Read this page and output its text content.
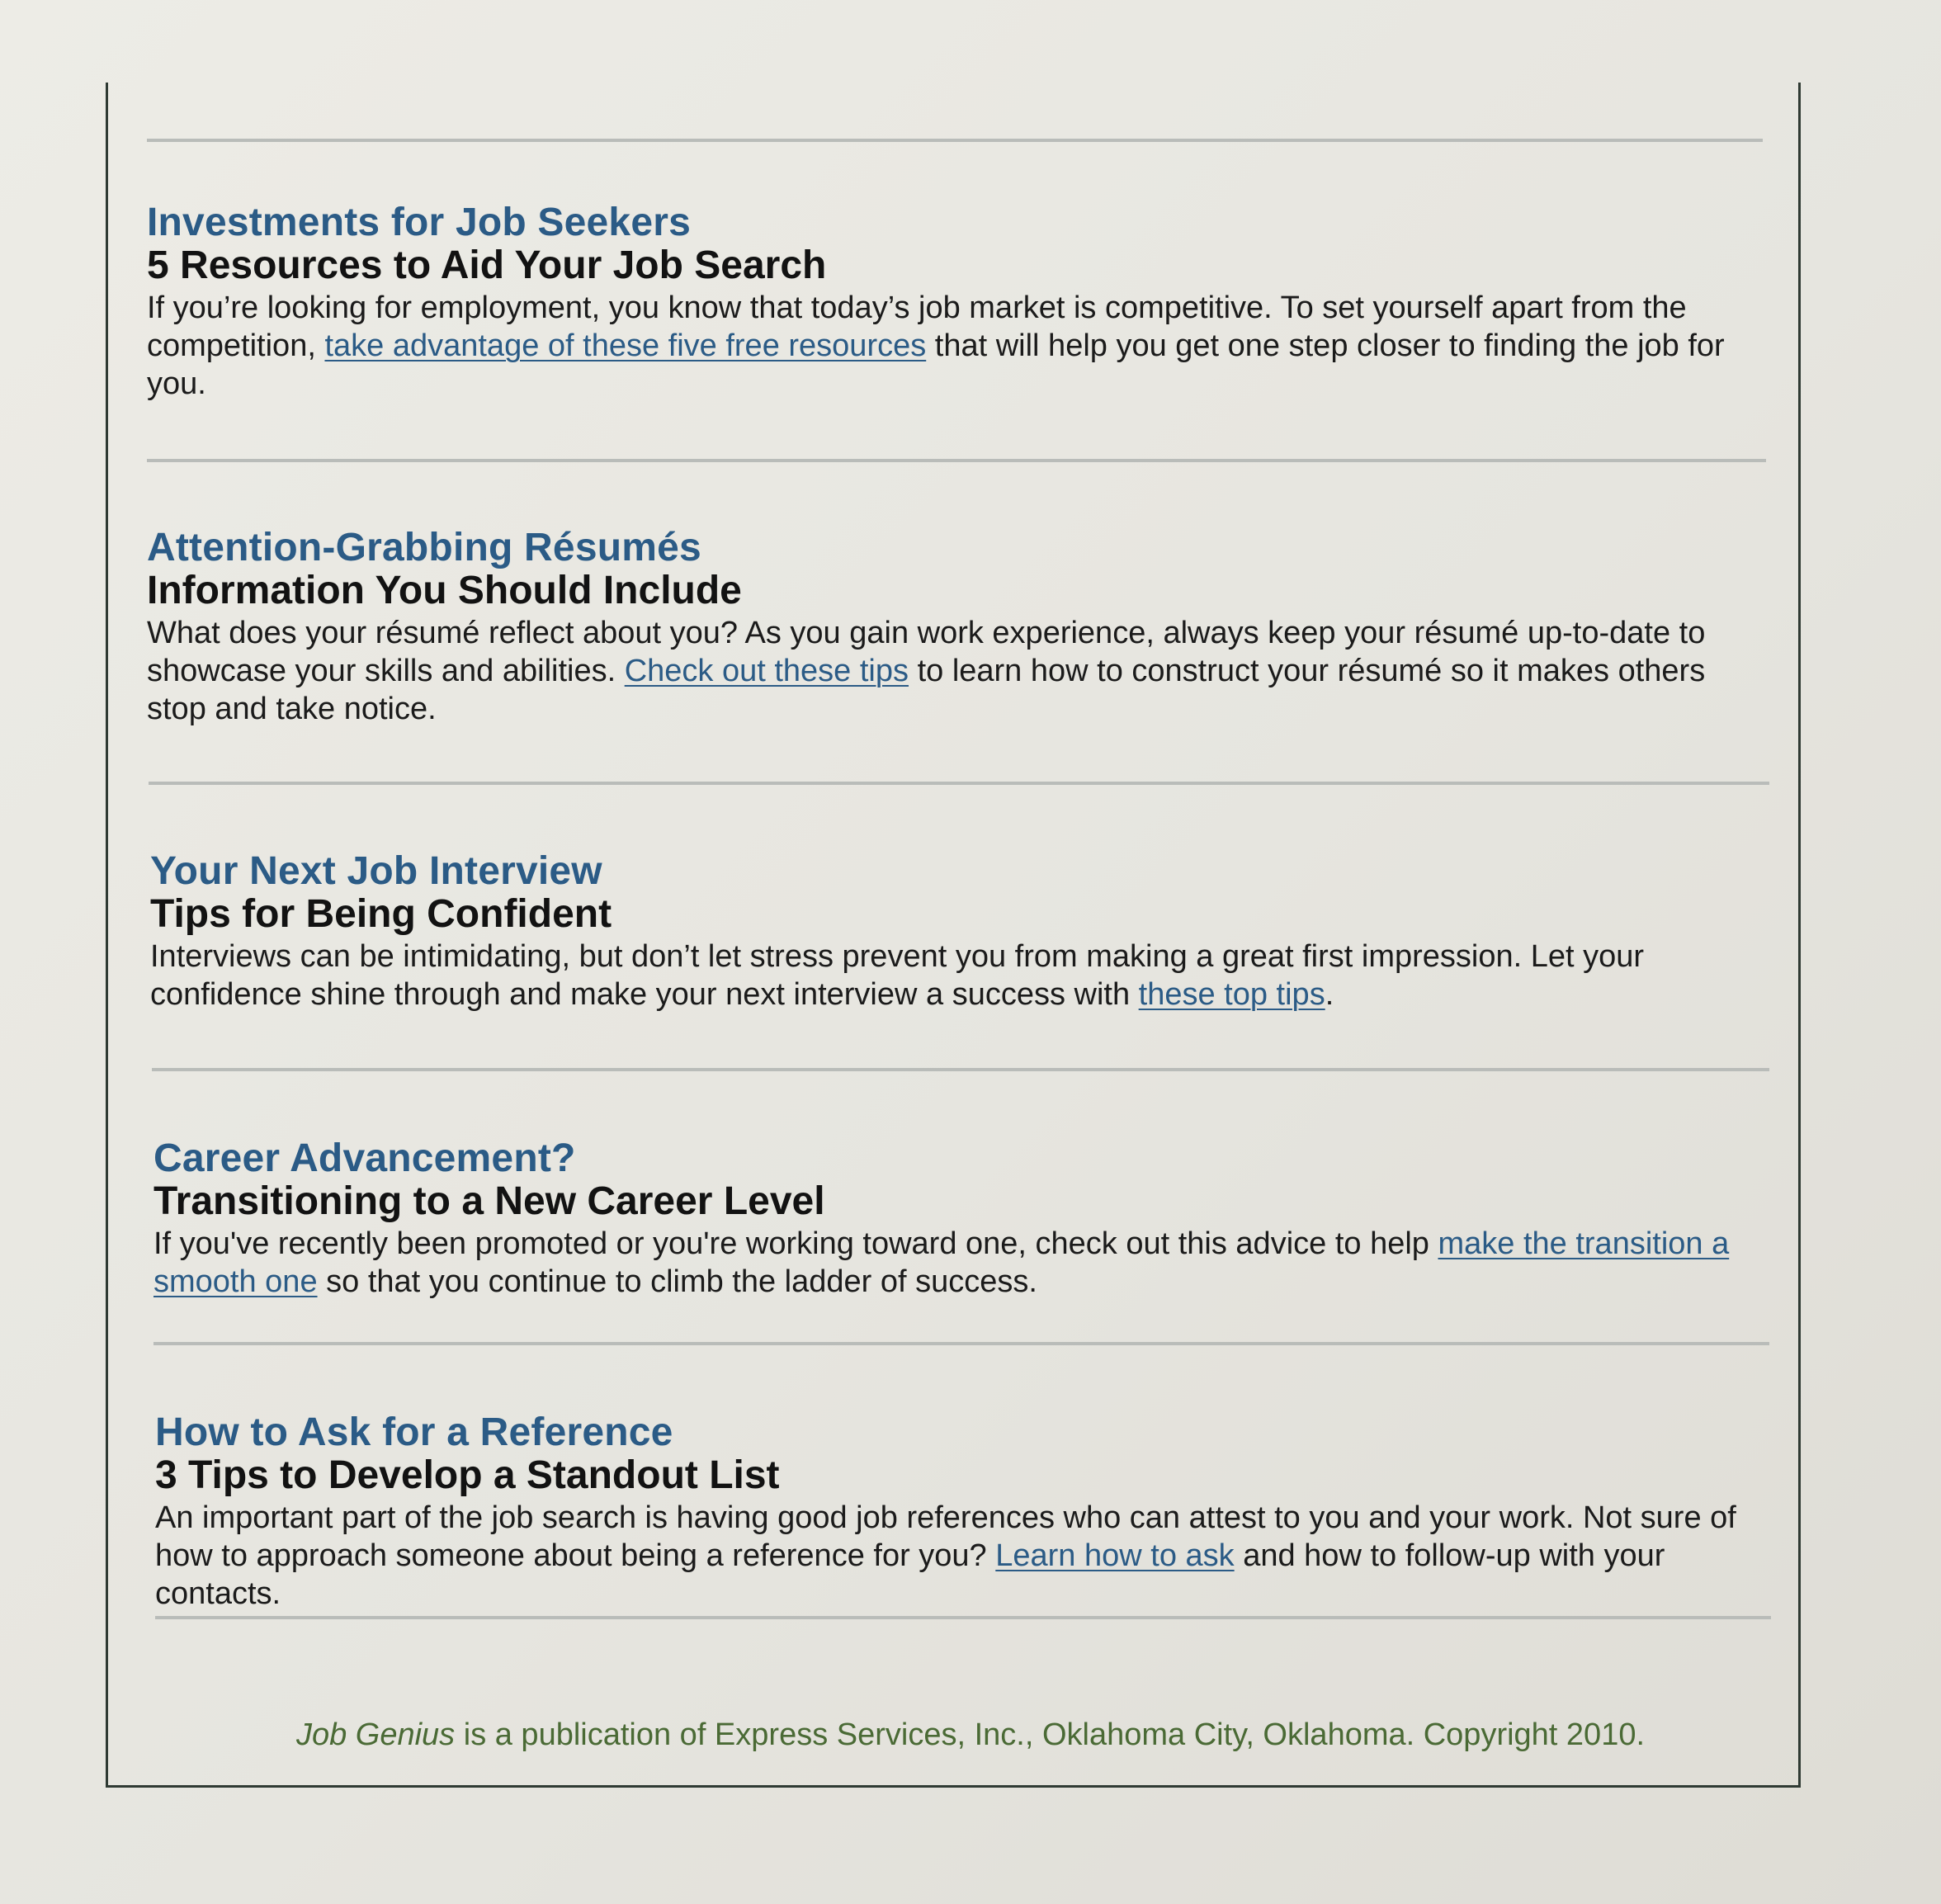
Investments for Job Seekers

5 Resources to Aid Your Job Search

If you’re looking for employment, you know that today’s job market is competitive. To set yourself apart from the competition, take advantage of these five free resources that will help you get one step closer to finding the job for you.

Attention-Grabbing Résumés

Information You Should Include

What does your résumé reflect about you? As you gain work experience, always keep your résumé up-to-date to showcase your skills and abilities. Check out these tips to learn how to construct your résumé so it makes others stop and take notice.

Your Next Job Interview

Tips for Being Confident

Interviews can be intimidating, but don’t let stress prevent you from making a great first impression. Let your confidence shine through and make your next interview a success with these top tips.

Career Advancement?

Transitioning to a New Career Level

If you've recently been promoted or you're working toward one, check out this advice to help make the transition a smooth one so that you continue to climb the ladder of success.

How to Ask for a Reference

3 Tips to Develop a Standout List

An important part of the job search is having good job references who can attest to you and your work. Not sure of how to approach someone about being a reference for you? Learn how to ask and how to follow-up with your contacts.

Job Genius is a publication of Express Services, Inc., Oklahoma City, Oklahoma. Copyright 2010.
